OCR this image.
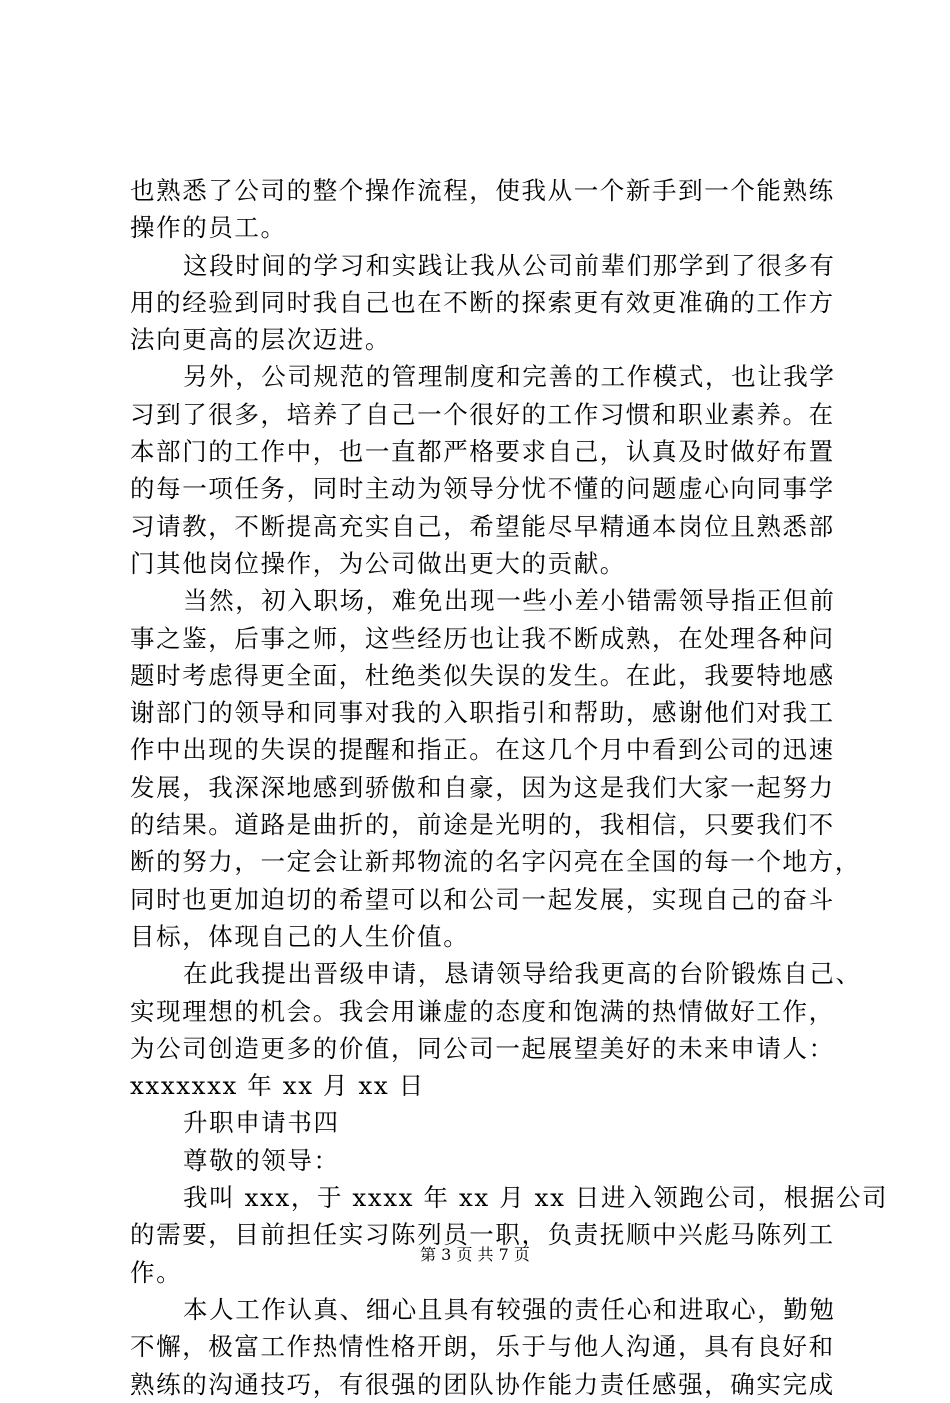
也熟悉了公司的整个操作流程，使我从一个新手到一个能熟练
操作的员工。
这段时间的学习和实践让我从公司前辈们那学到了很多有
用的经验到同时我自己也在不断的探索更有效更准确的工作方
法向更高的层次迈进。
另外，公司规范的管理制度和完善的工作模式，也让我学
习到了很多，培养了自己一个很好的工作习惯和职业素养。在
本部门的工作中，也一直都严格要求自己，认真及时做好布置
的每一项任务，同时主动为领导分忧不懂的问题虚心向同事学
习请教，不断提高充实自己，希望能尽早精通本岗位且熟悉部
门其他岗位操作，为公司做出更大的贡献。
当然，初入职场，难免出现一些小差小错需领导指正但前
事之鉴，后事之师，这些经历也让我不断成熟，在处理各种问
题时考虑得更全面，杜绝类似失误的发生。在此，我要特地感
谢部门的领导和同事对我的入职指引和帮助，感谢他们对我工
作中出现的失误的提醒和指正。在这几个月中看到公司的迅速
发展，我深深地感到骄傲和自豪，因为这是我们大家一起努力
的结果。道路是曲折的，前途是光明的，我相信，只要我们不
断的努力，一定会让新邦物流的名字闪亮在全国的每一个地方，
同时也更加迫切的希望可以和公司一起发展，实现自己的奋斗
目标，体现自己的人生价值。
在此我提出晋级申请，恳请领导给我更高的台阶锻炼自己、
实现理想的机会。我会用谦虚的态度和饱满的热情做好工作，
为公司创造更多的价值，同公司一起展望美好的未来申请人：
xxxxxxx 年 xx 月 xx 日
升职申请书四
尊敬的领导：
我叫 xxx，于 xxxx 年 xx 月 xx 日进入领跑公司，根据公司
的需要，目前担任实习陈列员一职，负责抚顺中兴彪马陈列工
作。
本人工作认真、细心且具有较强的责任心和进取心，勤勉
不懈，极富工作热情性格开朗，乐于与他人沟通，具有良好和
熟练的沟通技巧，有很强的团队协作能力责任感强，确实完成
第 3 页 共 7 页
